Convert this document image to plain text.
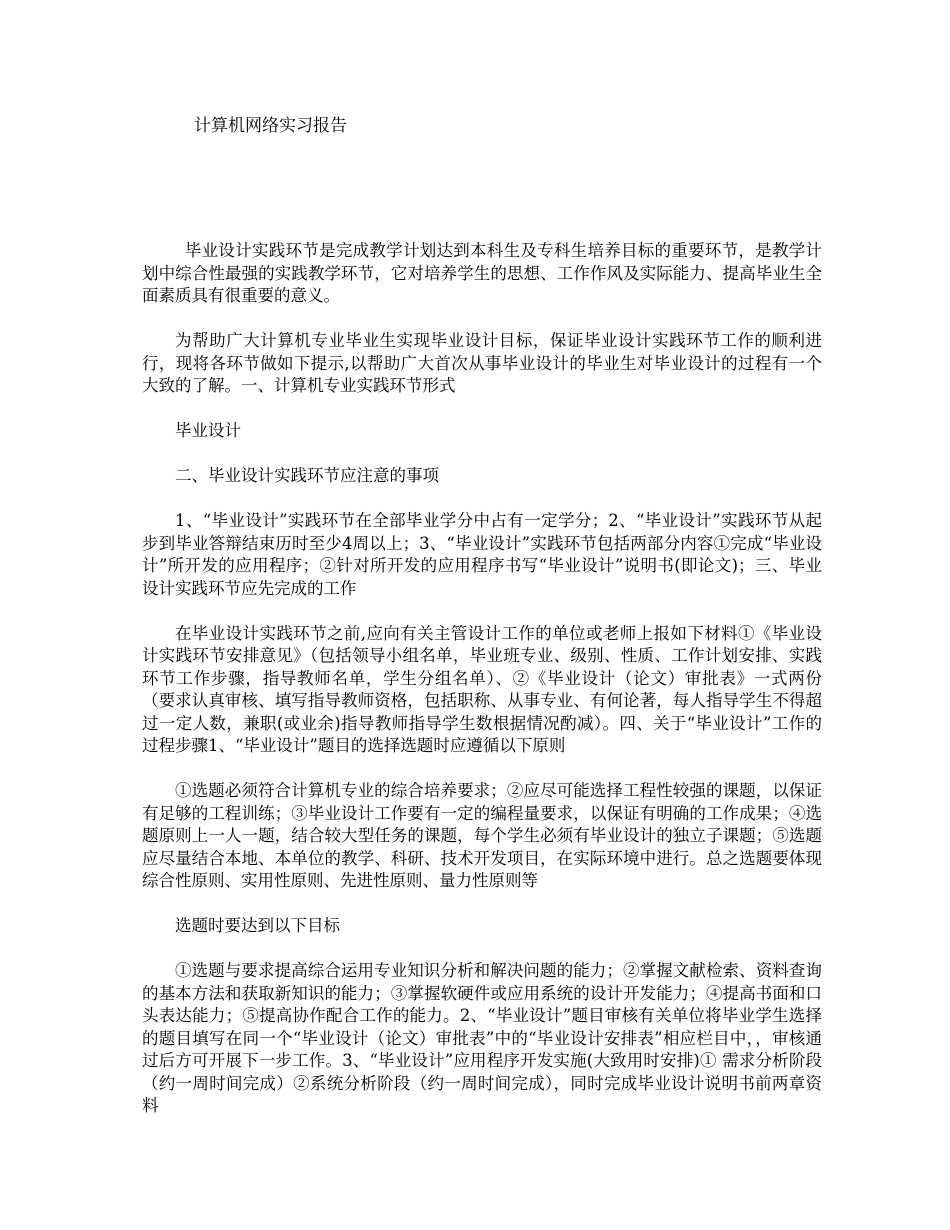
计算机网络实习报告

毕业设计实践环节是完成教学计划达到本科生及专科生培养目标的重要环节，是教学计划中综合性最强的实践教学环节，它对培养学生的思想、工作作风及实际能力、提高毕业生全面素质具有很重要的意义。

为帮助广大计算机专业毕业生实现毕业设计目标，保证毕业设计实践环节工作的顺利进行，现将各环节做如下提示,以帮助广大首次从事毕业设计的毕业生对毕业设计的过程有一个大致的了解。一、计算机专业实践环节形式

毕业设计

二、毕业设计实践环节应注意的事项

1、“毕业设计”实践环节在全部毕业学分中占有一定学分；2、“毕业设计”实践环节从起步到毕业答辩结束历时至少4周以上；3、“毕业设计”实践环节包括两部分内容①完成“毕业设计”所开发的应用程序；②针对所开发的应用程序书写“毕业设计”说明书(即论文)；三、毕业设计实践环节应先完成的工作

在毕业设计实践环节之前,应向有关主管设计工作的单位或老师上报如下材料①《毕业设计实践环节安排意见》（包括领导小组名单，毕业班专业、级别、性质、工作计划安排、实践环节工作步骤，指导教师名单，学生分组名单）、②《毕业设计（论文）审批表》一式两份（要求认真审核、填写指导教师资格，包括职称、从事专业、有何论著，每人指导学生不得超过一定人数，兼职(或业余)指导教师指导学生数根据情况酌减）。四、关于“毕业设计”工作的过程步骤1、“毕业设计”题目的选择选题时应遵循以下原则

①选题必须符合计算机专业的综合培养要求；②应尽可能选择工程性较强的课题，以保证有足够的工程训练；③毕业设计工作要有一定的编程量要求，以保证有明确的工作成果；④选题原则上一人一题，结合较大型任务的课题，每个学生必须有毕业设计的独立子课题；⑤选题应尽量结合本地、本单位的教学、科研、技术开发项目，在实际环境中进行。总之选题要体现综合性原则、实用性原则、先进性原则、量力性原则等

选题时要达到以下目标

①选题与要求提高综合运用专业知识分析和解决问题的能力；②掌握文献检索、资料查询的基本方法和获取新知识的能力；③掌握软硬件或应用系统的设计开发能力；④提高书面和口头表达能力；⑤提高协作配合工作的能力。2、“毕业设计”题目审核有关单位将毕业学生选择的题目填写在同一个“毕业设计（论文）审批表”中的“毕业设计安排表”相应栏目中，，审核通过后方可开展下一步工作。3、“毕业设计”应用程序开发实施(大致用时安排)① 需求分析阶段（约一周时间完成）②系统分析阶段（约一周时间完成），同时完成毕业设计说明书前两章资料
